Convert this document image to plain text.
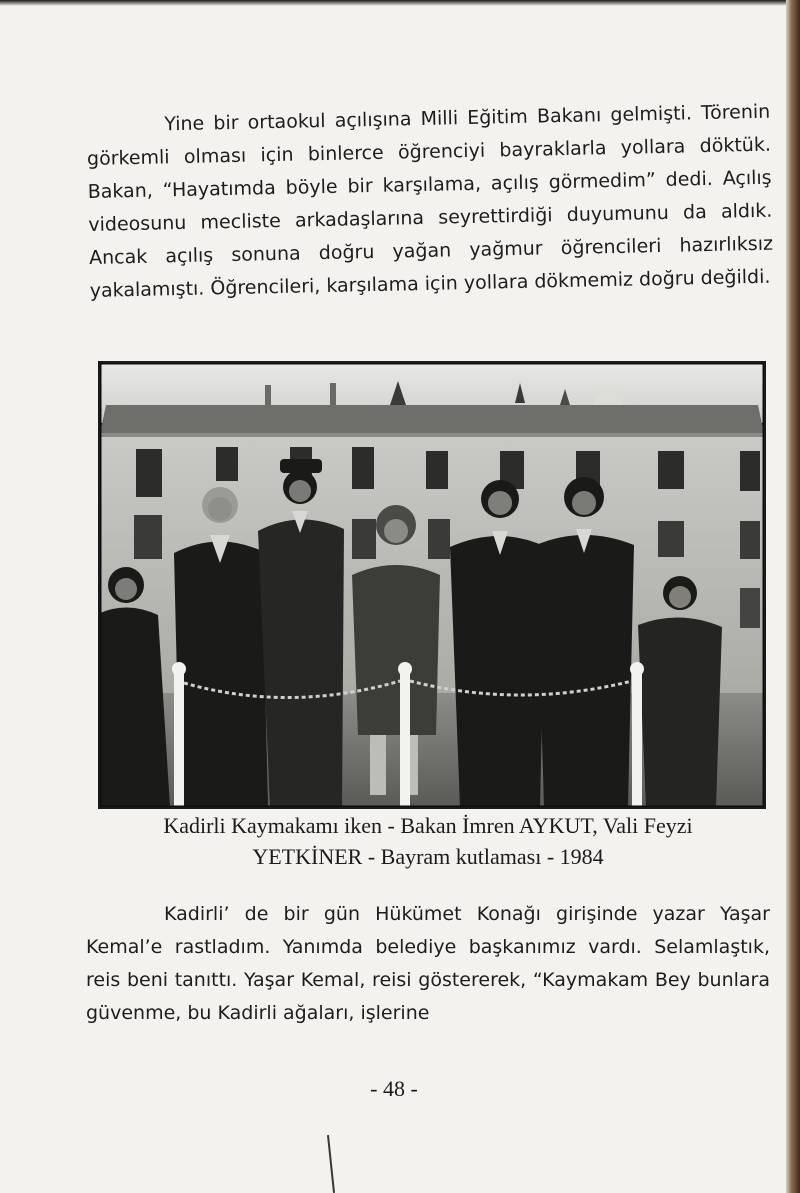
Yine bir ortaokul açılışına Milli Eğitim Bakanı gelmişti. Törenin görkemli olması için binlerce öğrenciyi bayraklarla yollara döktük. Bakan, “Hayatımda böyle bir karşılama, açılış görmedim” dedi. Açılış videosunu mecliste arkadaşlarına seyrettirdiği duyumunu da aldık. Ancak açılış sonuna doğru yağan yağmur öğrencileri hazırlıksız yakalamıştı. Öğrencileri, karşılama için yollara dökmemiz doğru değildi.

Kadirli Kaymakamı iken - Bakan İmren AYKUT, Vali Feyzi
YETKİNER - Bayram kutlaması - 1984

Kadirli’ de bir gün Hükümet Konağı girişinde yazar Yaşar Kemal’e rastladım. Yanımda belediye başkanımız vardı. Selamlaştık, reis beni tanıttı. Yaşar Kemal, reisi göstererek, “Kaymakam Bey bunlara güvenme, bu Kadirli ağaları, işlerine

- 48 -
